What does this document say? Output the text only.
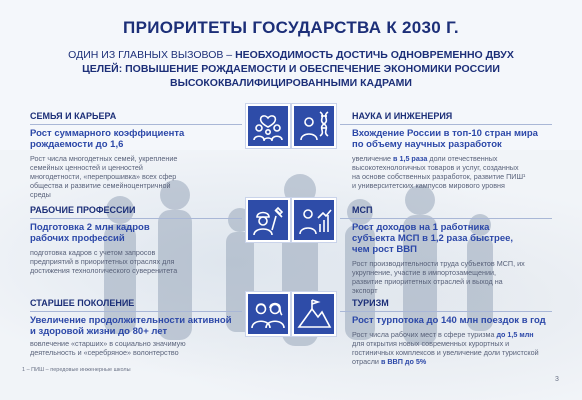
ПРИОРИТЕТЫ ГОСУДАРСТВА К 2030 Г.
ОДИН ИЗ ГЛАВНЫХ ВЫЗОВОВ – НЕОБХОДИМОСТЬ ДОСТИЧЬ ОДНОВРЕМЕННО ДВУХ ЦЕЛЕЙ: ПОВЫШЕНИЕ РОЖДАЕМОСТИ И ОБЕСПЕЧЕНИЕ ЭКОНОМИКИ РОССИИ ВЫСОКОКВАЛИФИЦИРОВАННЫМИ КАДРАМИ
СЕМЬЯ И КАРЬЕРА
Рост суммарного коэффициента рождаемости до 1,6
Рост числа многодетных семей, укрепление семейных ценностей и ценностей многодетности, «перепрошивка» всех сфер общества и развитие семейноцентричной среды
НАУКА И ИНЖЕНЕРИЯ
Вхождение России в топ-10 стран мира по объему научных разработок
увеличение в 1,5 раза доли отечественных высокотехнологичных товаров и услуг, созданных на основе собственных разработок, развитие ПИШ¹ и университетских кампусов мирового уровня
РАБОЧИЕ ПРОФЕССИИ
Подготовка 2 млн кадров рабочих профессий
подготовка кадров с учетом запросов предприятий в приоритетных отраслях для достижения технологического суверенитета
МСП
Рост доходов на 1 работника субъекта МСП в 1,2 раза быстрее, чем рост ВВП
Рост производительности труда субъектов МСП, их укрупнение, участие в импортозамещении, развитие приоритетных отраслей и выход на экспорт
СТАРШЕЕ ПОКОЛЕНИЕ
Увеличение продолжительности активной и здоровой жизни до 80+ лет
вовлечение «старших» в социально значимую деятельность и «серебряное» волонтерство
ТУРИЗМ
Рост турпотока до 140 млн поездок в год
Рост числа рабочих мест в сфере туризма до 1,5 млн для открытия новых современных курортных и гостиничных комплексов и увеличение доли туристской отрасли в ВВП до 5%
1 – ПИШ – передовые инженерные школы
3
